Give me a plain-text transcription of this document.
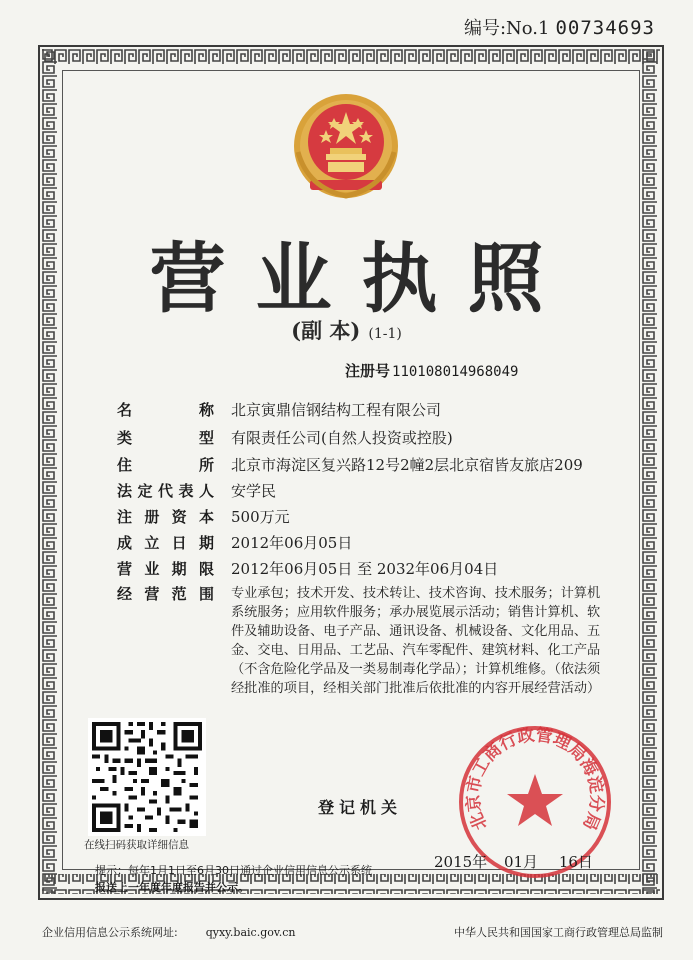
编号:No.1 00734693
营业执照
(副 本) (1-1)
注册号 110108014968049
名称 北京寅鼎信钢结构工程有限公司
类型 有限责任公司(自然人投资或控股)
住所 北京市海淀区复兴路12号2幢2层北京宿皆友旅店209
法定代表人 安学民
注册资本 500万元
成立日期 2012年06月05日
营业期限 2012年06月05日 至 2032年06月04日
经营范围 专业承包；技术开发、技术转让、技术咨询、技术服务；计算机系统服务；应用软件服务；承办展览展示活动；销售计算机、软件及辅助设备、电子产品、通讯设备、机械设备、文化用品、五金、交电、日用品、工艺品、汽车零配件、建筑材料、化工产品（不含危险化学品及一类易制毒化学品）；计算机维修。（依法须经批准的项目，经相关部门批准后依批准的内容开展经营活动）
在线扫码获取详细信息
登记机关
北京市工商行政管理局海淀分局
2015年 01月 16日
提示：每年1月1日至6月30日通过企业信用信息公示系统
报送上一年度年度报告并公示。
企业信用信息公示系统网址:	qyxy.baic.gov.cn	中华人民共和国国家工商行政管理总局监制
